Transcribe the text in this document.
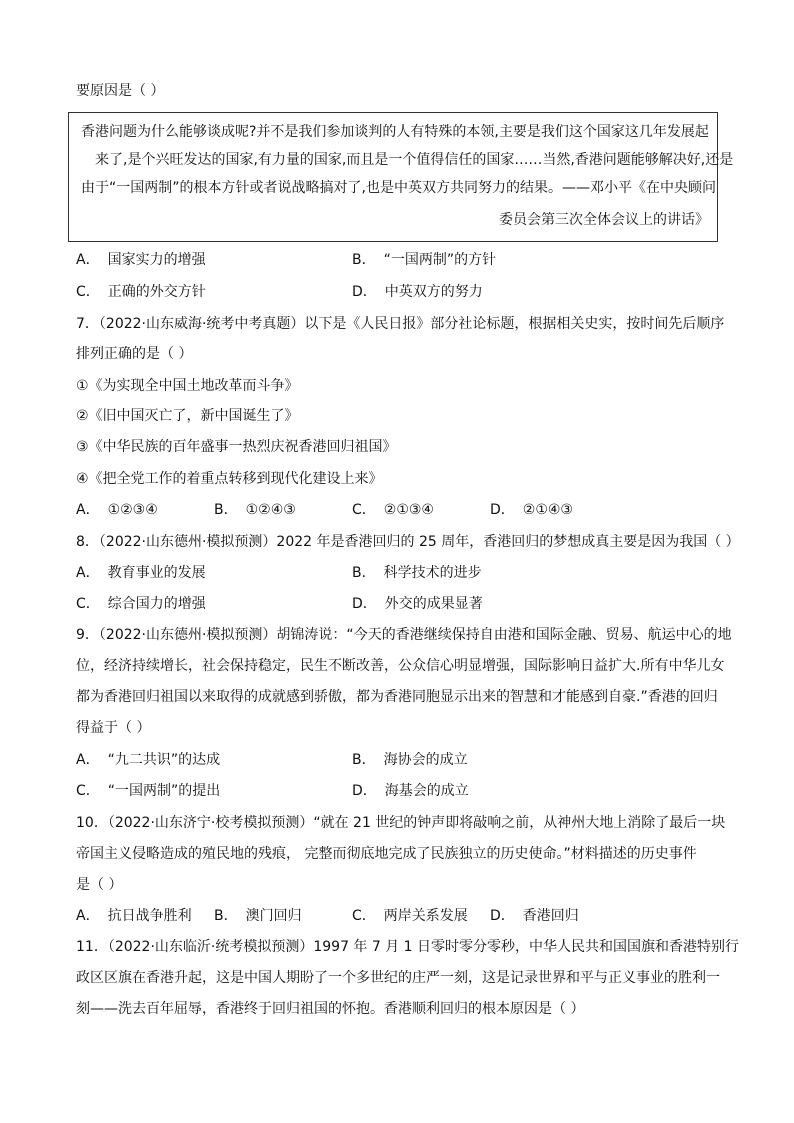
要原因是（ ）
香港问题为什么能够谈成呢?并不是我们参加谈判的人有特殊的本领,主要是我们这个国家这几年发展起
来了,是个兴旺发达的国家,有力量的国家,而且是一个值得信任的国家……当然,香港问题能够解决好,还是
由于“一国两制”的根本方针或者说战略搞对了,也是中英双方共同努力的结果。——邓小平《在中央顾问
委员会第三次全体会议上的讲话》
A． 国家实力的增强	B． “一国两制”的方针
C． 正确的外交方针	D． 中英双方的努力
7．（2022·山东威海·统考中考真题）以下是《人民日报》部分社论标题，根据相关史实，按时间先后顺序
排列正确的是（ ）
①《为实现全中国土地改革而斗争》
②《旧中国灭亡了，新中国诞生了》
③《中华民族的百年盛事一热烈庆祝香港回归祖国》
④《把全党工作的着重点转移到现代化建设上来》
A． ①②③④	B． ①②④③	C． ②①③④	D． ②①④③
8．（2022·山东德州·模拟预测）2022 年是香港回归的 25 周年，香港回归的梦想成真主要是因为我国（ ）
A． 教育事业的发展	B． 科学技术的进步
C． 综合国力的增强	D． 外交的成果显著
9．（2022·山东德州·模拟预测）胡锦涛说：“今天的香港继续保持自由港和国际金融、贸易、航运中心的地
位，经济持续增长，社会保持稳定，民生不断改善，公众信心明显增强，国际影响日益扩大.所有中华儿女
都为香港回归祖国以来取得的成就感到骄傲，都为香港同胞显示出来的智慧和才能感到自豪.”香港的回归
得益于（ ）
A． “九二共识”的达成	B． 海协会的成立
C． “一国两制”的提出	D． 海基会的成立
10．（2022·山东济宁·校考模拟预测）“就在 21 世纪的钟声即将敲响之前，从神州大地上消除了最后一块
帝国主义侵略造成的殖民地的残痕， 完整而彻底地完成了民族独立的历史使命。”材料描述的历史事件
是（ ）
A． 抗日战争胜利 B． 澳门回归	C． 两岸关系发展 D． 香港回归
11．（2022·山东临沂·统考模拟预测）1997 年 7 月 1 日零时零分零秒，中华人民共和国国旗和香港特别行
政区区旗在香港升起，这是中国人期盼了一个多世纪的庄严一刻，这是记录世界和平与正义事业的胜利一
刻——洗去百年屈辱，香港终于回归祖国的怀抱。香港顺利回归的根本原因是（ ）
